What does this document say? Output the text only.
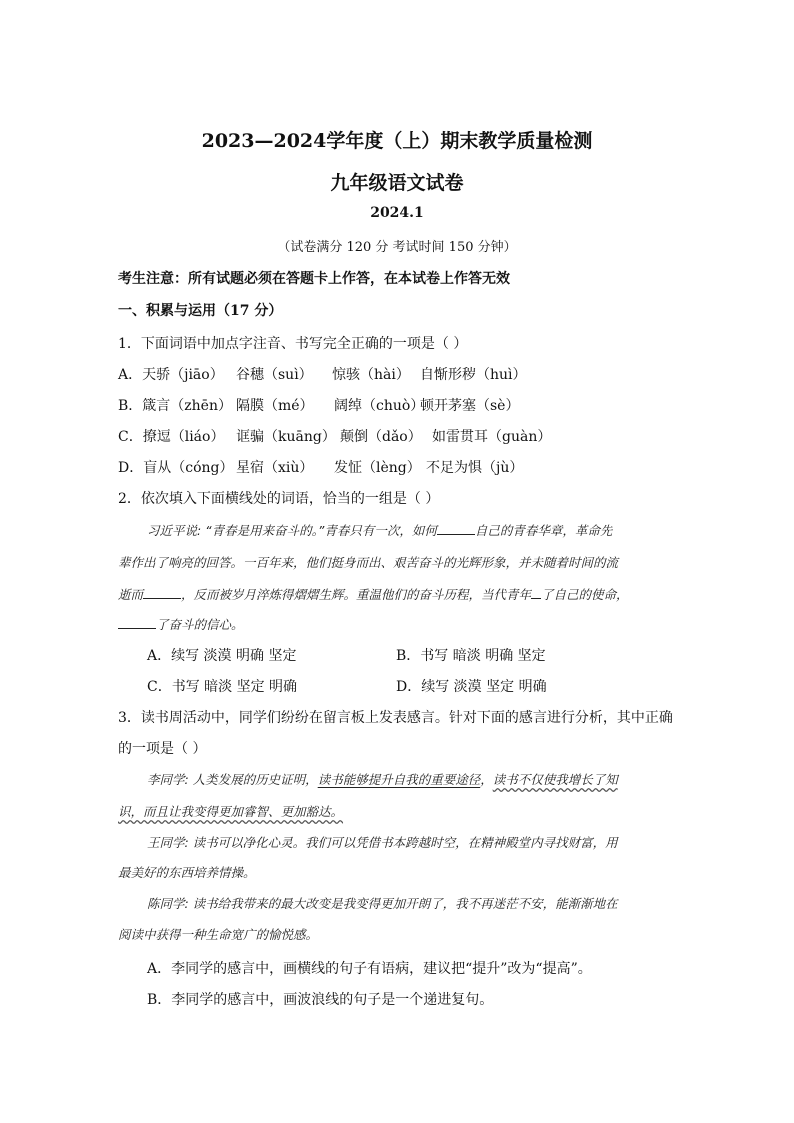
2023—2024学年度（上）期末教学质量检测
九年级语文试卷
2024.1
（试卷满分 120 分 考试时间 150 分钟）
考生注意：所有试题必须在答题卡上作答，在本试卷上作答无效
一、积累与运用（17 分）
1．下面词语中加点字注音、书写完全正确的一项是（ ）
A．天骄（jiāo） 谷穗（suì） 惊骇（hài） 自惭形秽（huì）
B．箴言（zhēn） 隔膜（mé） 阔绰（chuò）顿开茅塞（sè）
C．撩逗（liáo） 诓骗（kuāng） 颠倒（dǎo） 如雷贯耳（guàn）
D．盲从（cóng） 星宿（xiù） 发怔（lèng） 不足为惧（jù）
2．依次填入下面横线处的词语，恰当的一组是（ ）
习近平说: “青春是用来奋斗的。”青春只有一次，如何	自己的青春华章，革命先
辈作出了响亮的回答。一百年来，他们挺身而出、艰苦奋斗的光辉形象，并未随着时间的流
逝而	，反而被岁月淬炼得熠熠生辉。重温他们的奋斗历程，当代青年 了自己的使命，
了奋斗的信心。
A．续写 淡漠 明确 坚定	B．书写 暗淡 明确 坚定
C．书写 暗淡 坚定 明确	D．续写 淡漠 坚定 明确
3．读书周活动中，同学们纷纷在留言板上发表感言。针对下面的感言进行分析，其中正确
的一项是（ ）
李同学: 人类发展的历史证明，读书能够提升自我的重要途径，读书不仅使我增长了知
识，而且让我变得更加睿智、更加豁达。
王同学: 读书可以净化心灵。我们可以凭借书本跨越时空，在精神殿堂内寻找财富，用
最美好的东西培养情操。
陈同学: 读书给我带来的最大改变是我变得更加开朗了，我不再迷茫不安，能渐渐地在
阅读中获得一种生命宽广的愉悦感。
A．李同学的感言中，画横线的句子有语病，建议把“提升”改为“提高”。
B．李同学的感言中，画波浪线的句子是一个递进复句。
